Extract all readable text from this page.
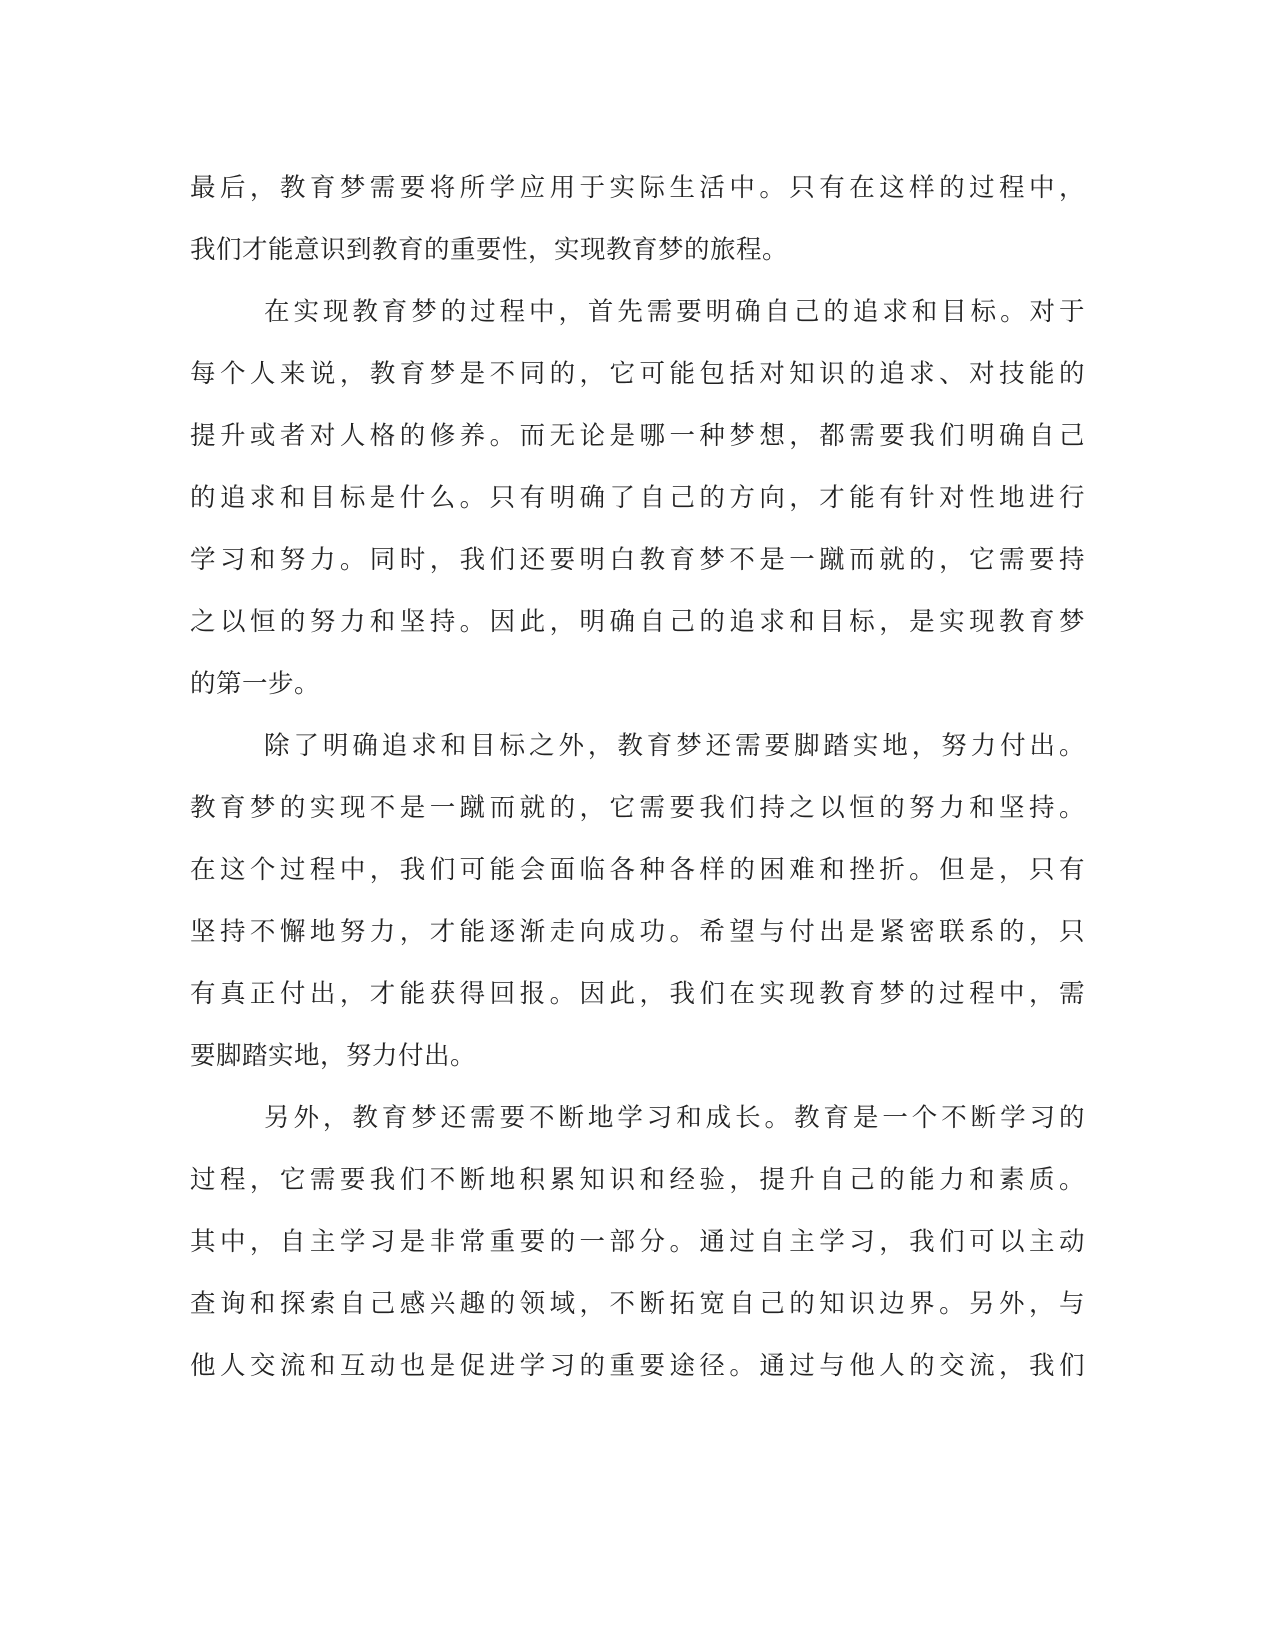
最后，教育梦需要将所学应用于实际生活中。只有在这样的过程中，
我们才能意识到教育的重要性，实现教育梦的旅程。
在实现教育梦的过程中，首先需要明确自己的追求和目标。对于
每个人来说，教育梦是不同的，它可能包括对知识的追求、对技能的
提升或者对人格的修养。而无论是哪一种梦想，都需要我们明确自己
的追求和目标是什么。只有明确了自己的方向，才能有针对性地进行
学习和努力。同时，我们还要明白教育梦不是一蹴而就的，它需要持
之以恒的努力和坚持。因此，明确自己的追求和目标，是实现教育梦
的第一步。
除了明确追求和目标之外，教育梦还需要脚踏实地，努力付出。
教育梦的实现不是一蹴而就的，它需要我们持之以恒的努力和坚持。
在这个过程中，我们可能会面临各种各样的困难和挫折。但是，只有
坚持不懈地努力，才能逐渐走向成功。希望与付出是紧密联系的，只
有真正付出，才能获得回报。因此，我们在实现教育梦的过程中，需
要脚踏实地，努力付出。
另外，教育梦还需要不断地学习和成长。教育是一个不断学习的
过程，它需要我们不断地积累知识和经验，提升自己的能力和素质。
其中，自主学习是非常重要的一部分。通过自主学习，我们可以主动
查询和探索自己感兴趣的领域，不断拓宽自己的知识边界。另外，与
他人交流和互动也是促进学习的重要途径。通过与他人的交流，我们
